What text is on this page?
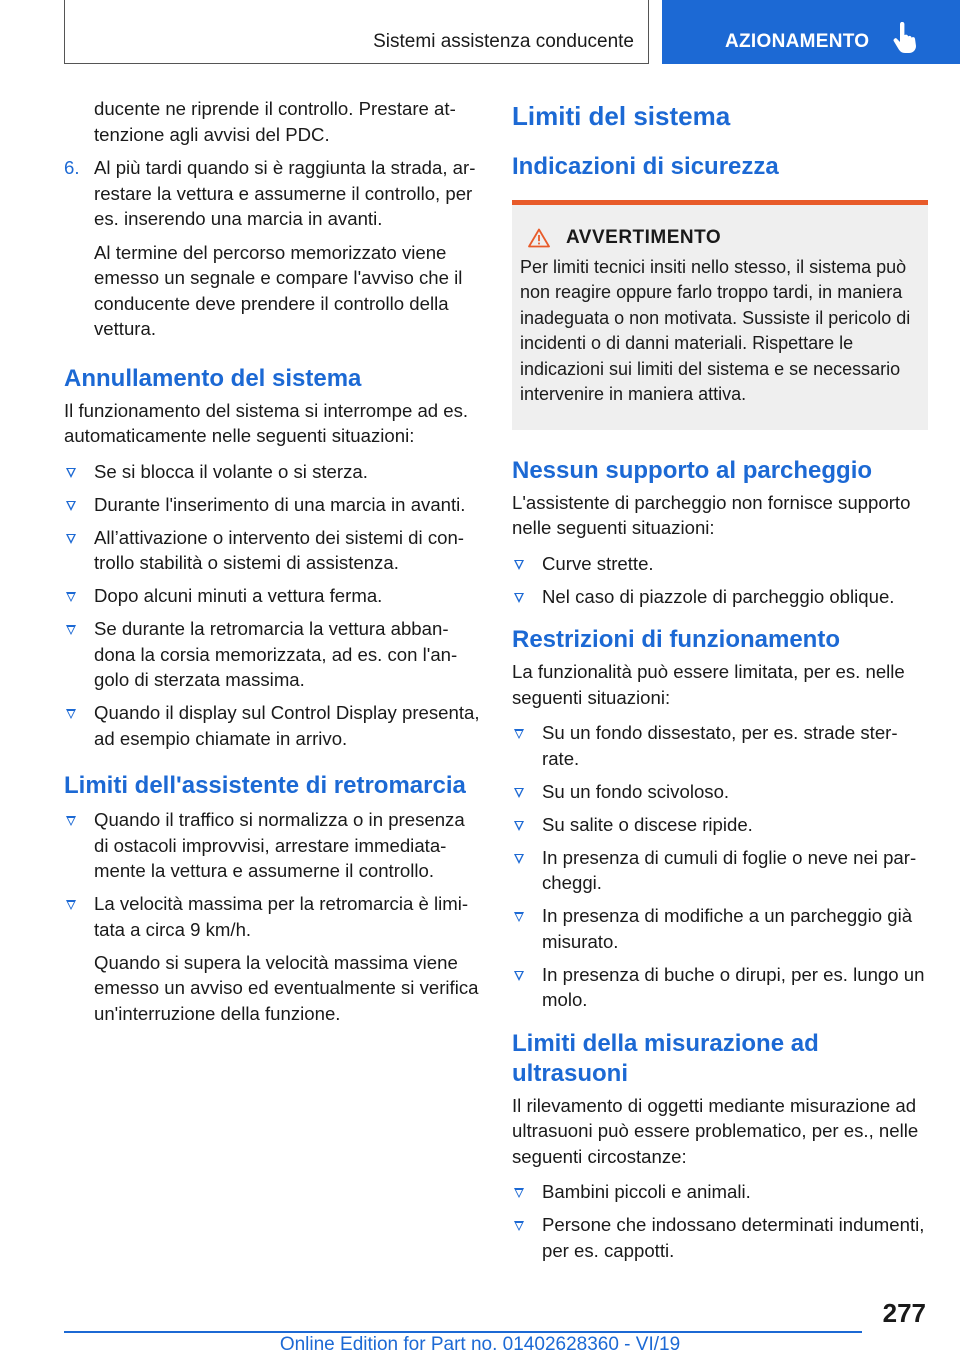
Sistemi assistenza conducente	AZIONAMENTO

ducente ne riprende il controllo. Prestare attenzione agli avvisi del PDC.

6. Al più tardi quando si è raggiunta la strada, arrestare la vettura e assumerne il controllo, per es. inserendo una marcia in avanti.

Al termine del percorso memorizzato viene emesso un segnale e compare l'avviso che il conducente deve prendere il controllo della vettura.

Annullamento del sistema

Il funzionamento del sistema si interrompe ad es. automaticamente nelle seguenti situazioni:

Se si blocca il volante o si sterza.
Durante l'inserimento di una marcia in avanti.
All’attivazione o intervento dei sistemi di controllo stabilità o sistemi di assistenza.
Dopo alcuni minuti a vettura ferma.
Se durante la retromarcia la vettura abbandona la corsia memorizzata, ad es. con l'angolo di sterzata massima.
Quando il display sul Control Display presenta, ad esempio chiamate in arrivo.
Limiti dell'assistente di retromarcia
Quando il traffico si normalizza o in presenza di ostacoli improvvisi, arrestare immediatamente la vettura e assumerne il controllo.
La velocità massima per la retromarcia è limitata a circa 9 km/h.

Quando si supera la velocità massima viene emesso un avviso ed eventualmente si verifica un'interruzione della funzione.

Limiti del sistema
Indicazioni di sicurezza
AVVERTIMENTO

Per limiti tecnici insiti nello stesso, il sistema può non reagire oppure farlo troppo tardi, in maniera inadeguata o non motivata. Sussiste il pericolo di incidenti o di danni materiali. Rispettare le indicazioni sui limiti del sistema e se necessario intervenire in maniera attiva.

Nessun supporto al parcheggio

L'assistente di parcheggio non fornisce supporto nelle seguenti situazioni:

Curve strette.
Nel caso di piazzole di parcheggio oblique.
Restrizioni di funzionamento

La funzionalità può essere limitata, per es. nelle seguenti situazioni:

Su un fondo dissestato, per es. strade sterrate.
Su un fondo scivoloso.
Su salite o discese ripide.
In presenza di cumuli di foglie o neve nei parcheggi.
In presenza di modifiche a un parcheggio già misurato.
In presenza di buche o dirupi, per es. lungo un molo.
Limiti della misurazione ad ultrasuoni

Il rilevamento di oggetti mediante misurazione ad ultrasuoni può essere problematico, per es., nelle seguenti circostanze:

Bambini piccoli e animali.
Persone che indossano determinati indumenti, per es. cappotti.
277
Online Edition for Part no. 01402628360 - VI/19
